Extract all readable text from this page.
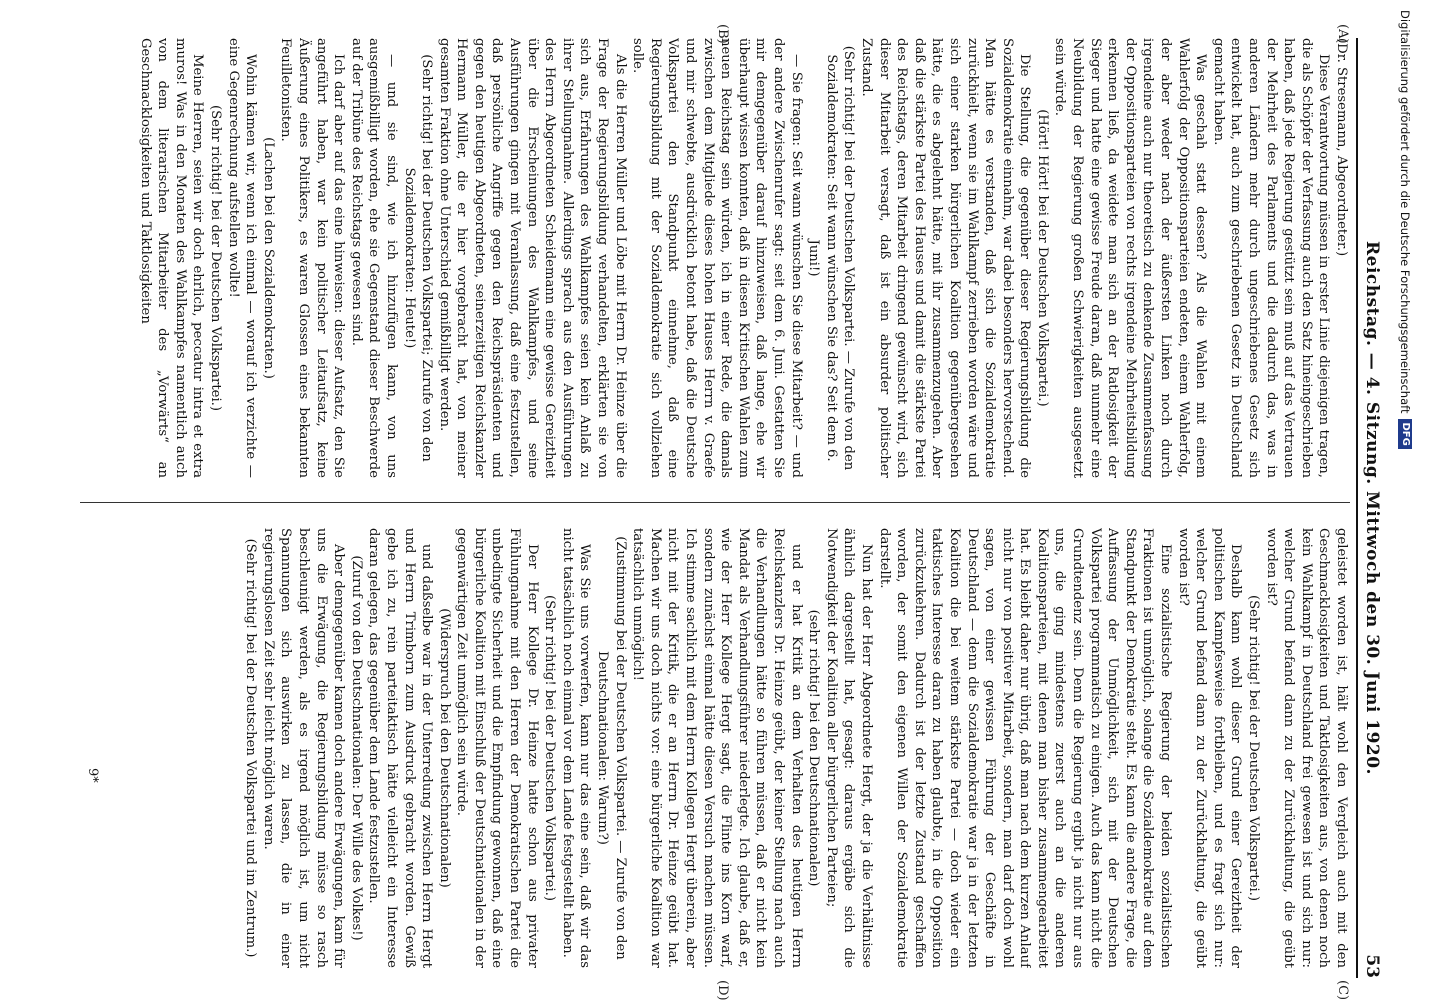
Reichstag. — 4. Sitzung. Mittwoch den 30. Juni 1920.
53
(A)
(B)
(C)
(D)

(Dr. Stresemann, Abgeordneter.)

Diese Verantwortung müssen in erster Linie diejenigen tragen, die als Schöpfer der Verfassung auch den Satz hineingeschrieben haben, daß jede Regierung gestützt sein muß auf das Vertrauen der Mehrheit des Parlaments und die dadurch das, was in anderen Ländern mehr durch ungeschriebenes Gesetz sich entwickelt hat, auch zum geschriebenen Gesetz in Deutschland gemacht haben.

Was geschah statt dessen? Als die Wahlen mit einem Wahlerfolg der Oppositionsparteien endeten, einem Wahlerfolg, der aber weder nach der äußersten Linken noch durch irgendeine auch nur theoretisch zu denkende Zusammenfassung der Oppositionsparteien von rechts irgendeine Mehrheitsbildung erkennen ließ, da weidete man sich an der Ratlosigkeit der Sieger und hatte eine gewisse Freude daran, daß nunmehr eine Neubildung der Regierung großen Schwierigkeiten ausgesetzt sein würde.

(Hört! Hört! bei der Deutschen Volkspartei.)

Die Stellung, die gegenüber dieser Regierungsbildung die Sozialdemokratie einnahm, war dabei besonders hervorstechend. Man hätte es verstanden, daß sich die Sozialdemokratie zurückhielt, wenn sie im Wahlkampf zerrieben worden wäre und sich einer starken bürgerlichen Koalition gegenübergesehen hätte, die es abgelehnt hätte, mit ihr zusammenzugehen. Aber daß die stärkste Partei des Hauses und damit die stärkste Partei des Reichstags, deren Mitarbeit dringend gewünscht wird, sich dieser Mitarbeit versagt, daß ist ein absurder politischer Zustand.

(Sehr richtig! bei der Deutschen Volkspartei. — Zurufe von den Sozialdemokraten: Seit wann wünschen Sie das? Seit dem 6. Juni!)

— Sie fragen: Seit wann wünschen Sie diese Mitarbeit? — und der andere Zwischenrufer sagt: seit dem 6. Juni. Gestatten Sie mir demgegenüber darauf hinzuweisen, daß lange, ehe wir überhaupt wissen konnten, daß in diesen Kritischen Wahlen zum neuen Reichstag sein würden, ich in einer Rede, die damals zwischen dem Mitgliede dieses hohen Hauses Herrn v. Graefe und mir schwebte, ausdrücklich betont habe, daß die Deutsche Volkspartei den Standpunkt einnehme, daß eine Regierungsbildung mit der Sozialdemokratie sich vollziehen solle.

Als die Herren Müller und Löbe mit Herrn Dr. Heinze über die Frage der Regierungsbildung verhandelten, erklärten sie von sich aus, Erfahrungen des Wahlkampfes seien kein Anlaß zu ihrer Stellungnahme. Allerdings sprach aus den Ausführungen des Herrn Abgeordneten Scheidemann eine gewisse Gereiztheit über die Erscheinungen des Wahlkampfes, und seine Ausführungen gingen mit Veranlassung, daß eine festzustellen, daß persönliche Angriffe gegen den Reichspräsidenten und gegen den heutigen Abgeordneten, seinerzeitigen Reichskanzler Hermann Müller, die er hier vorgebracht hat, von meiner gesamten Fraktion ohne Unterschied gemißbilligt werden.

(Sehr richtig! bei der Deutschen Volkspartei; Zurufe von den Sozialdemokraten: Heute!)

— und sie sind, wie ich hinzufügen kann, von uns ausgemißbilligt worden, ehe sie Gegenstand dieser Beschwerde auf der Tribüne des Reichstags gewesen sind.

Ich darf aber auf das eine hinweisen: dieser Aufsatz, den Sie angeführt haben, war kein politischer Leitaufsatz, keine Äußerung eines Politikers, es waren Glossen eines bekannten Feuilletonisten.

(Lachen bei den Sozialdemokraten.)

Wohin kämen wir, wenn ich einmal — worauf ich verzichte — eine Gegenrechnung aufstellen wollte!

(Sehr richtig! bei der Deutschen Volkspartei.)

Meine Herren, seien wir doch ehrlich, peccatur intra et extra muros! Was in den Monaten des Wahlkampfes namentlich auch von dem literarischen Mitarbeiter des „Vorwärts“ an Geschmacklosigkeiten und Taktlosigkeiten

geleistet worden ist, hält wohl den Vergleich auch mit den Geschmacklosigkeiten und Taktlosigkeiten aus, von denen noch kein Wahlkampf in Deutschland frei gewesen ist und sich nur: welcher Grund befand dann zu der Zurückhaltung, die geübt worden ist?

(Sehr richtig! bei der Deutschen Volkspartei.)

Deshalb kann wohl dieser Grund einer Gereiztheit der politischen Kampfesweise fortbleiben, und es fragt sich nur: welcher Grund befand dann zu der Zurückhaltung, die geübt worden ist?

Eine sozialistische Regierung der beiden sozialistischen Fraktionen ist unmöglich, solange die Sozialdemokratie auf dem Standpunkt der Demokratie steht. Es kann die andere Frage, die Auffassung der Unmöglichkeit, sich mit der Deutschen Volkspartei programmatisch zu einigen. Auch das kann nicht die Grundtendenz sein. Denn die Regierung ergibt ja nicht nur aus uns, die ging mindestens zuerst auch an die anderen Koalitionsparteien, mit denen man bisher zusammengearbeitet hat. Es bleibt daher nur übrig, daß man nach dem kurzen Anlauf nicht nur von positiver Mitarbeit, sondern, man darf doch wohl sagen, von einer gewissen Führung der Geschäfte in Deutschland — denn die Sozialdemokratie war ja in der letzten Koalition die bei weitem stärkste Partei — doch wieder ein taktisches Interesse daran zu haben glaubte, in die Opposition zurückzukehren. Dadurch ist der letzte Zustand geschaffen worden, der somit den eigenen Willen der Sozialdemokratie darstellt.

Nun hat der Herr Abgeordnete Hergt, der ja die Verhältnisse ähnlich dargestellt hat, gesagt: daraus ergäbe sich die Notwendigkeit der Koalition aller bürgerlichen Parteien;

(sehr richtig! bei den Deutschnationalen)

und er hat Kritik an dem Verhalten des heutigen Herrn Reichskanzlers Dr. Heinze geübt, der keiner Stellung nach auch die Verhandlungen hätte so führen müssen, daß er nicht kein Mandat als Verhandlungsführer niederlegte. Ich glaube, daß er, wie der Herr Kollege Hergt sagt, die Flinte ins Korn warf, sondern zunächst einmal hätte diesen Versuch machen müssen. Ich stimme sachlich mit dem Herrn Kollegen Hergt überein, aber nicht mit der Kritik, die er an Herrn Dr. Heinze geübt hat. Machen wir uns doch nichts vor: eine bürgerliche Koalition war tatsächlich unmöglich!

(Zustimmung bei der Deutschen Volkspartei. — Zurufe von den Deutschnationalen: Warum?)

Was Sie uns vorwerfen, kann nur das eine sein, daß wir das nicht tatsächlich noch einmal vor dem Lande festgestellt haben.

(Sehr richtig! bei der Deutschen Volkspartei.)

Der Herr Kollege Dr. Heinze hatte schon aus privater Fühlungnahme mit den Herren der Demokratischen Partei die unbedingte Sicherheit und die Empfindung gewonnen, daß eine bürgerliche Koalition mit Einschluß der Deutschnationalen in der gegenwärtigen Zeit unmöglich sein würde.

(Widerspruch bei den Deutschnationalen)

und daßselbe war in der Unterredung zwischen Herrn Hergt und Herrn Trimborn zum Ausdruck gebracht worden. Gewiß gebe ich zu, rein parteitaktisch hätte vielleicht ein Interesse daran gelegen, das gegenüber dem Lande festzustellen.

(Zuruf von den Deutschnationalen: Der Wille des Volkes!)

Aber demgegenüber kamen doch andere Erwägungen, kam für uns die Erwägung, die Regierungsbildung müsse so rasch beschleunigt werden, als es irgend möglich ist, um nicht Spannungen sich auswirken zu lassen, die in einer regierungslosen Zeit sehr leicht möglich waren.

(Sehr richtig! bei der Deutschen Volkspartei und im Zentrum.)

9*
Digitalisierung gefördert durch die Deutsche Forschungsgemeinschaft
DFG
